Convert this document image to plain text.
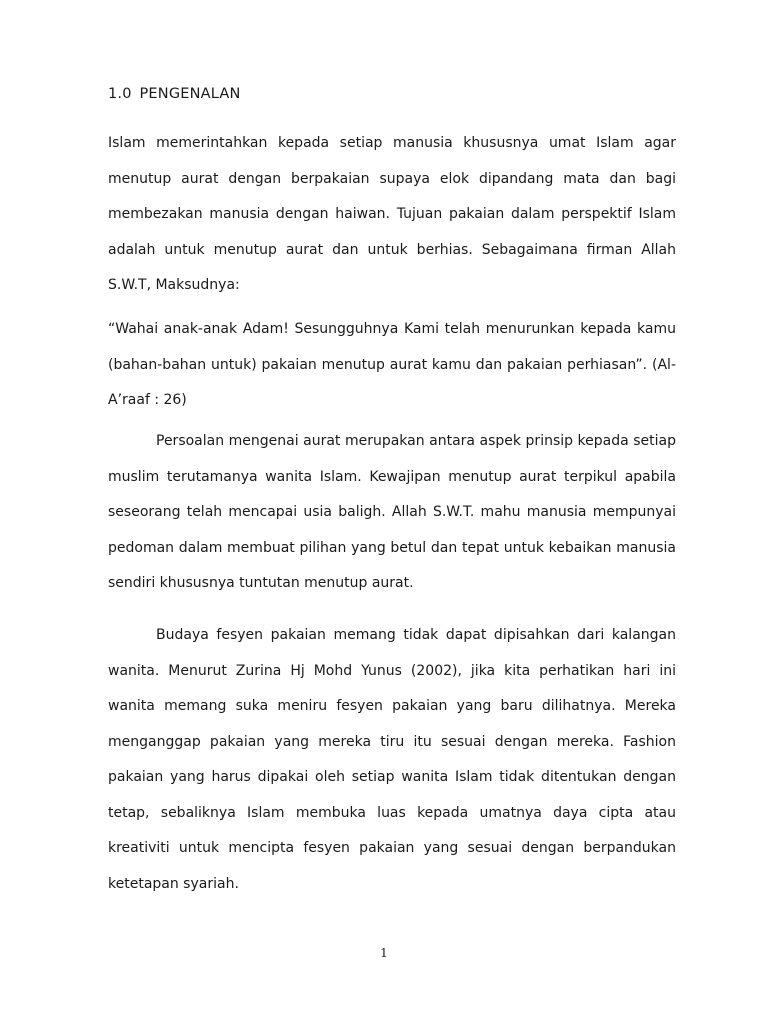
1.0 PENGENALAN

Islam memerintahkan kepada setiap manusia khususnya umat Islam agar menutup aurat dengan berpakaian supaya elok dipandang mata dan bagi membezakan manusia dengan haiwan. Tujuan pakaian dalam perspektif Islam adalah untuk menutup aurat dan untuk berhias. Sebagaimana firman Allah S.W.T, Maksudnya:

“Wahai anak-anak Adam! Sesungguhnya Kami telah menurunkan kepada kamu (bahan-bahan untuk) pakaian menutup aurat kamu dan pakaian perhiasan”. (Al-A’raaf : 26)

Persoalan mengenai aurat merupakan antara aspek prinsip kepada setiap muslim terutamanya wanita Islam. Kewajipan menutup aurat terpikul apabila seseorang telah mencapai usia baligh. Allah S.W.T. mahu manusia mempunyai pedoman dalam membuat pilihan yang betul dan tepat untuk kebaikan manusia sendiri khususnya tuntutan menutup aurat.

Budaya fesyen pakaian memang tidak dapat dipisahkan dari kalangan wanita. Menurut Zurina Hj Mohd Yunus (2002), jika kita perhatikan hari ini wanita memang suka meniru fesyen pakaian yang baru dilihatnya. Mereka menganggap pakaian yang mereka tiru itu sesuai dengan mereka. Fashion pakaian yang harus dipakai oleh setiap wanita Islam tidak ditentukan dengan tetap, sebaliknya Islam membuka luas kepada umatnya daya cipta atau kreativiti untuk mencipta fesyen pakaian yang sesuai dengan berpandukan ketetapan syariah.

1
